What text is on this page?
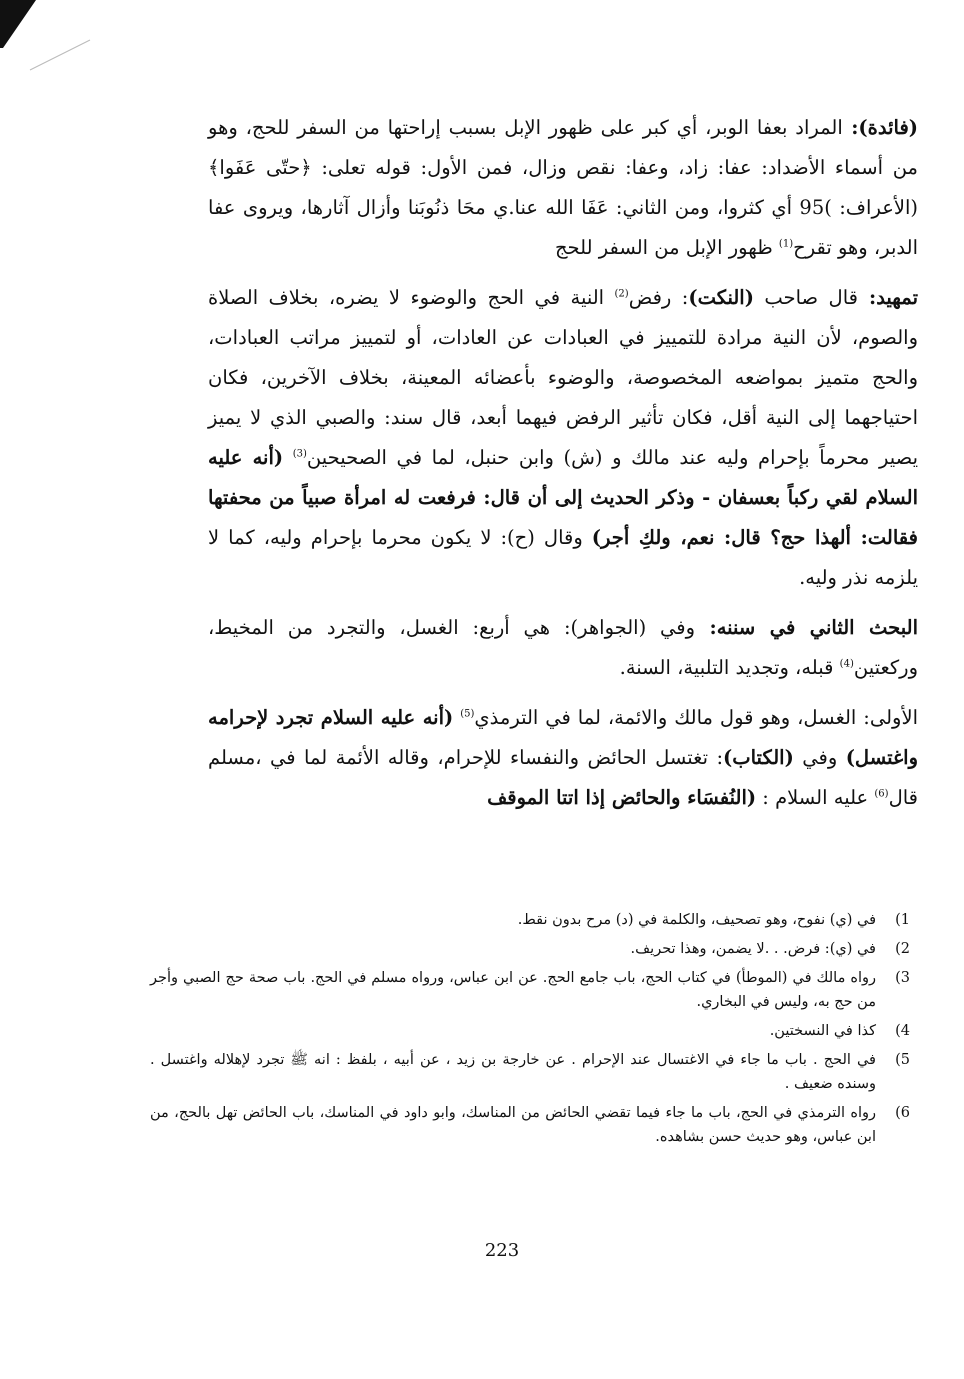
(فائدة): المراد بعفا الوبر، أي كبر على ظهور الإبل بسبب إراحتها من السفر للحج، وهو من أسماء الأضداد: عفا: زاد، وعفا: نقص وزال، فمن الأول: قوله تعلى: ﴿حتّى عَفَوا﴾ (الأعراف: )95 أي كثروا، ومن الثاني: عَفَا الله عنا.ي محَا ذنُوبَنا وأزال آثارها، ويروى عفا الدبر، وهو تقرح$^{(1)}$ ظهور الإبل من السفر للحج

تمهيد: قال صاحب (النكت): رفض$^{(2)}$ النية في الحج والوضوء لا يضره، بخلاف الصلاة والصوم، لأن النية مرادة للتمييز في العبادات عن العادات، أو لتمييز مراتب العبادات، والحج متميز بمواضعه المخصوصة، والوضوء بأعضائه المعينة، بخلاف الآخرين، فكان احتياجهما إلى النية أقل، فكان تأثير الرفض فيهما أبعد، قال سند: والصبي الذي لا يميز يصير محرماً بإحرام وليه عند مالك و (ش) وابن حنبل، لما في الصحيحين$^{(3)}$ (أنه عليه السلام لقي ركباً بعسفان - وذكر الحديث إلى أن قال: فرفعت له امرأة صبياً من محفتها فقالت: ألهذا حج؟ قال: نعم، ولكِ أجر) وقال (ح): لا يكون محرما بإحرام وليه، كما لا يلزمه نذر وليه.

البحث الثاني في سننه: وفي (الجواهر): هي أربع: الغسل، والتجرد من المخيط، وركعتين$^{(4)}$ قبله، وتجديد التلبية، السنة.

الأولى: الغسل، وهو قول مالك والائمة، لما في الترمذي$^{(5)}$ (أنه عليه السلام تجرد لإحرامه واغتسل) وفي (الكتاب): تغتسل الحائض والنفساء للإحرام، وقاله الأئمة لما في ،مسلم قال$^{(6)}$ عليه السلام : (النُفسَاء والحائض إذا اتتا الموقف

1)
في (ي) نفوح، وهو تصحيف، والكلمة في (د) مرح بدون نقط.
2)
في (ي): فرض. . .لا يضمن، وهذا تحريف.
3)
رواه مالك في (الموطأ) في كتاب الحج، باب جامع الحج. عن ابن عباس، ورواه مسلم في الحج. باب صحة حج الصبي وأجر من حج به، وليس في البخاري.
4)
كذا في النسختين.
5)
في الحج . باب ما جاء في الاغتسال عند الإحرام . عن خارجة بن زيد ، عن أبيه ، بلفظ : انه ﷺ تجرد لإهلاله واغتسل . وسنده ضعيف .
6)
رواه الترمذي في الحج، باب ما جاء فيما تقضي الحائض من المناسك، وابو داود في المناسك، باب الحائض تهل بالحج، من ابن عباس، وهو حديث حسن بشاهده.
223
